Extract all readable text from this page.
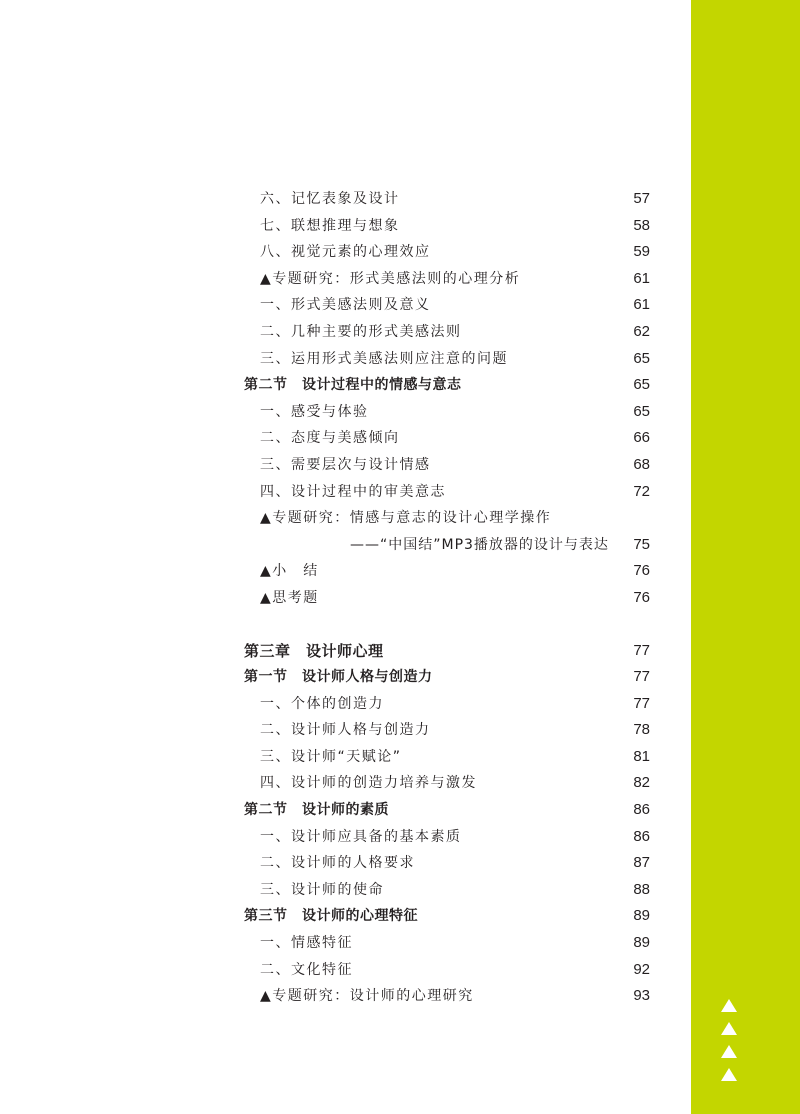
六、记忆表象及设计	57
七、联想推理与想象	58
八、视觉元素的心理效应	59
▲专题研究：形式美感法则的心理分析	61
一、形式美感法则及意义	61
二、几种主要的形式美感法则	62
三、运用形式美感法则应注意的问题	65
第二节　设计过程中的情感与意志	65
一、感受与体验	65
二、态度与美感倾向	66
三、需要层次与设计情感	68
四、设计过程中的审美意志	72
▲专题研究：情感与意志的设计心理学操作
——“中国结”MP3播放器的设计与表达 75
▲小　结	76
▲思考题	76
第三章　设计师心理	77
第一节　设计师人格与创造力	77
一、个体的创造力	77
二、设计师人格与创造力	78
三、设计师“天赋论”	81
四、设计师的创造力培养与激发	82
第二节　设计师的素质	86
一、设计师应具备的基本素质	86
二、设计师的人格要求	87
三、设计师的使命	88
第三节　设计师的心理特征	89
一、情感特征	89
二、文化特征	92
▲专题研究：设计师的心理研究	93
